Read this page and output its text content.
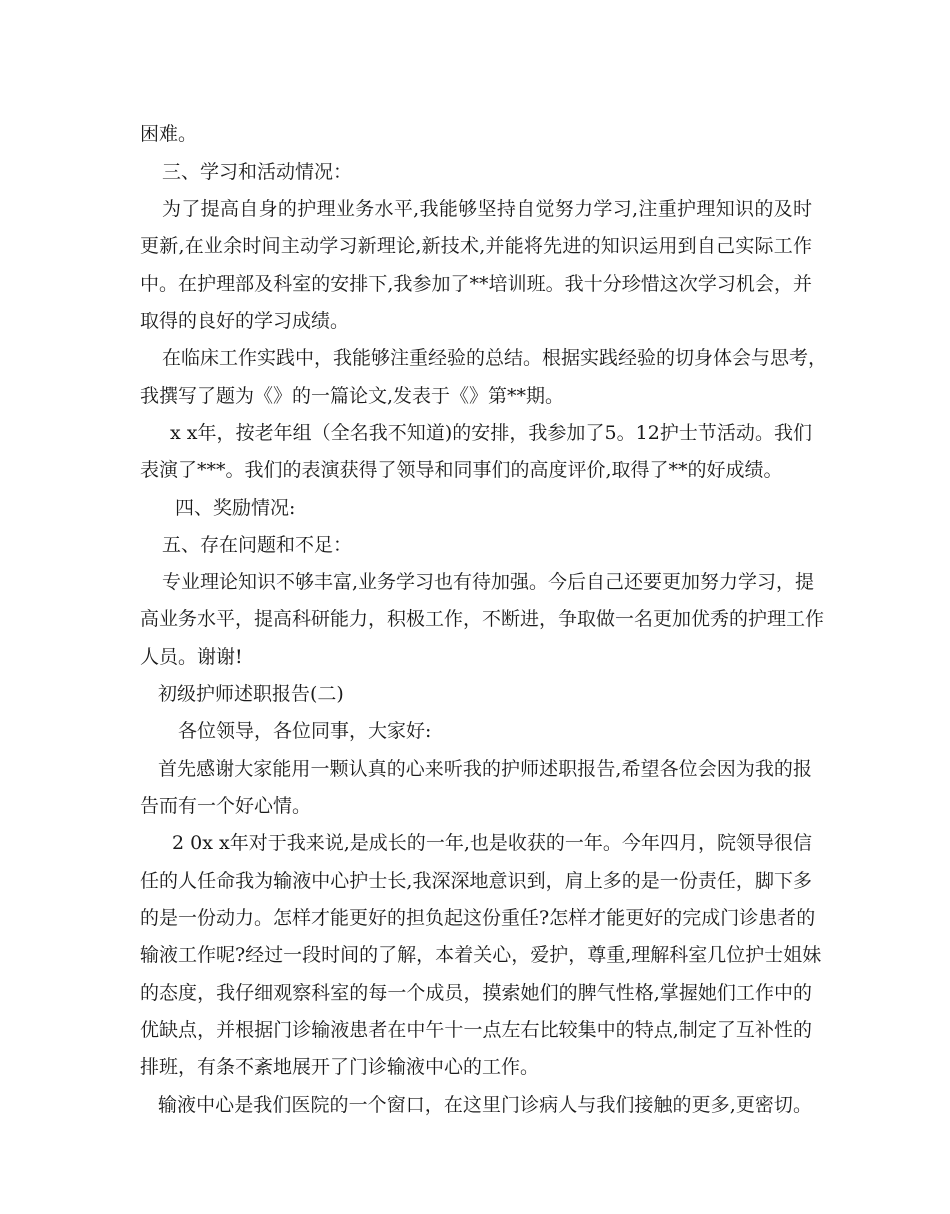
困难。
三、学习和活动情况：
为了提高自身的护理业务水平,我能够坚持自觉努力学习,注重护理知识的及时
更新,在业余时间主动学习新理论,新技术,并能将先进的知识运用到自己实际工作
中。在护理部及科室的安排下,我参加了**培训班。我十分珍惜这次学习机会，并
取得的良好的学习成绩。
在临床工作实践中，我能够注重经验的总结。根据实践经验的切身体会与思考，
我撰写了题为《》的一篇论文,发表于《》第**期。
x x年，按老年组（全名我不知道)的安排，我参加了5。12护士节活动。我们
表演了***。我们的表演获得了领导和同事们的高度评价,取得了**的好成绩。
四、奖励情况:
五、存在问题和不足：
专业理论知识不够丰富,业务学习也有待加强。今后自己还要更加努力学习，提
高业务水平，提高科研能力，积极工作，不断进，争取做一名更加优秀的护理工作
人员。谢谢!
初级护师述职报告(二)
各位领导，各位同事，大家好:
首先感谢大家能用一颗认真的心来听我的护师述职报告,希望各位会因为我的报
告而有一个好心情。
2 0x x年对于我来说,是成长的一年,也是收获的一年。今年四月，院领导很信
任的人任命我为输液中心护士长,我深深地意识到，肩上多的是一份责任，脚下多
的是一份动力。怎样才能更好的担负起这份重任?怎样才能更好的完成门诊患者的
输液工作呢?经过一段时间的了解，本着关心，爱护，尊重,理解科室几位护士姐妹
的态度，我仔细观察科室的每一个成员，摸索她们的脾气性格,掌握她们工作中的
优缺点，并根据门诊输液患者在中午十一点左右比较集中的特点,制定了互补性的
排班，有条不紊地展开了门诊输液中心的工作。
输液中心是我们医院的一个窗口，在这里门诊病人与我们接触的更多,更密切。
